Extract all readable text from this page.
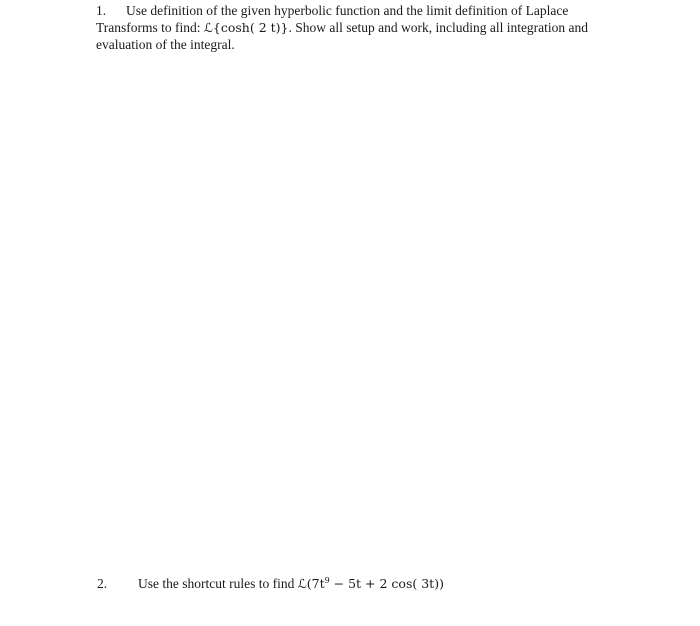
1. Use definition of the given hyperbolic function and the limit definition of Laplace
Transforms to find: ℒ{cosh( 2 t)}. Show all setup and work, including all integration and
evaluation of the integral.
2. Use the shortcut rules to find $ℒ(7t^9 - 5t + 2$ cos( 3t))
